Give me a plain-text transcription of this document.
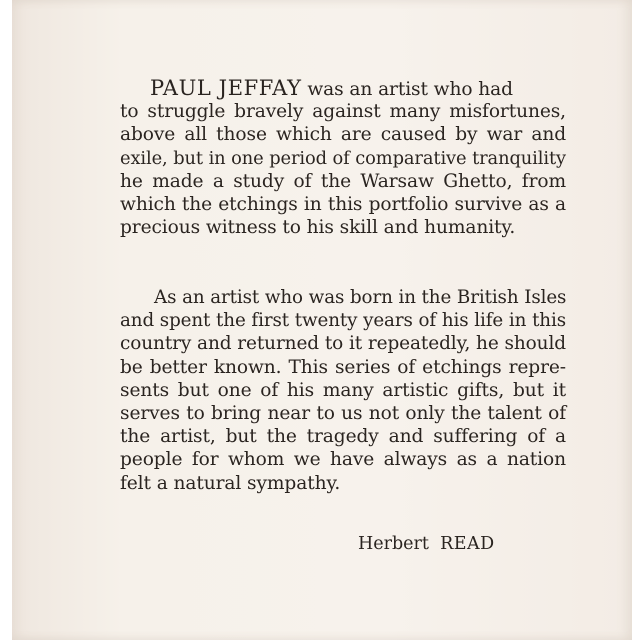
PAUL JEFFAY was an artist who had
to struggle bravely against many misfortunes,
above all those which are caused by war and
exile, but in one period of comparative tranquility
he made a study of the Warsaw Ghetto, from
which the etchings in this portfolio survive as a
precious witness to his skill and humanity.
As an artist who was born in the British Isles
and spent the first twenty years of his life in this
country and returned to it repeatedly, he should
be better known. This series of etchings repre-
sents but one of his many artistic gifts, but it
serves to bring near to us not only the talent of
the artist, but the tragedy and suffering of a
people for whom we have always as a nation
felt a natural sympathy.
Herbert READ
